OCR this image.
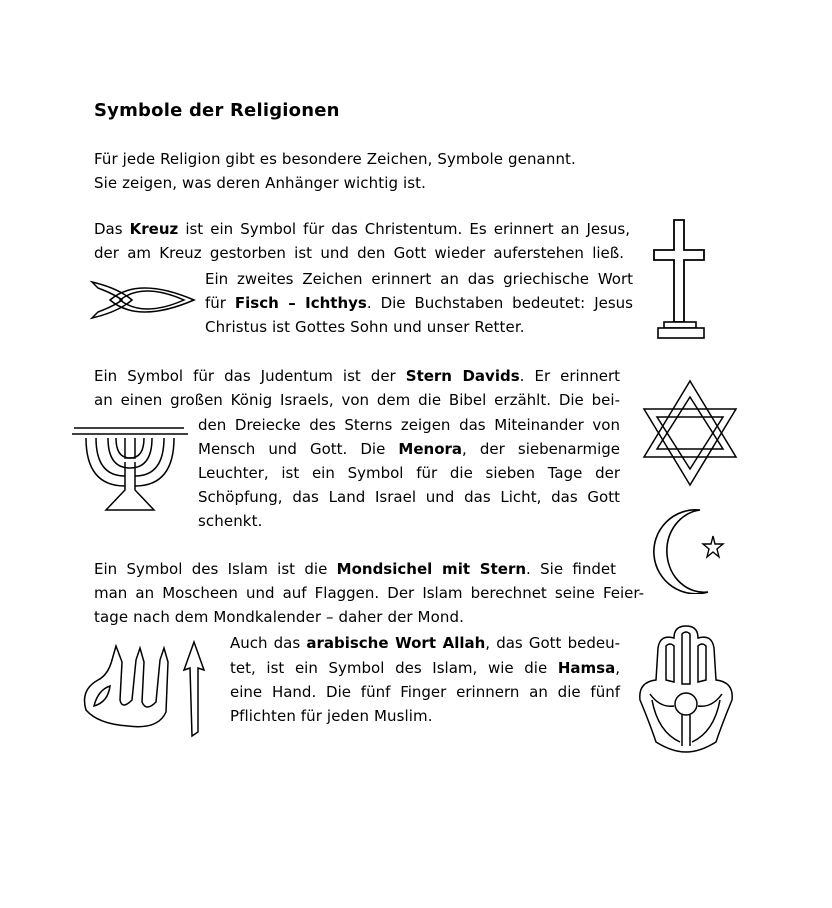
Symbole der Religionen
Für jede Religion gibt es besondere Zeichen, Symbole genannt.
Sie zeigen, was deren Anhänger wichtig ist.
Das Kreuz ist ein Symbol für das Christentum. Es erinnert an Jesus,
der am Kreuz gestorben ist und den Gott wieder auferstehen ließ.
Ein zweites Zeichen erinnert an das griechische Wort
für Fisch – Ichthys. Die Buchstaben bedeutet: Jesus
Christus ist Gottes Sohn und unser Retter.
Ein Symbol für das Judentum ist der Stern Davids. Er erinnert
an einen großen König Israels, von dem die Bibel erzählt. Die bei-
den Dreiecke des Sterns zeigen das Miteinander von
Mensch und Gott. Die Menora, der siebenarmige
Leuchter, ist ein Symbol für die sieben Tage der
Schöpfung, das Land Israel und das Licht, das Gott
schenkt.
Ein Symbol des Islam ist die Mondsichel mit Stern. Sie findet
man an Moscheen und auf Flaggen. Der Islam berechnet seine Feier-
tage nach dem Mondkalender – daher der Mond.
Auch das arabische Wort Allah, das Gott bedeu-
tet, ist ein Symbol des Islam, wie die Hamsa,
eine Hand. Die fünf Finger erinnern an die fünf
Pflichten für jeden Muslim.
